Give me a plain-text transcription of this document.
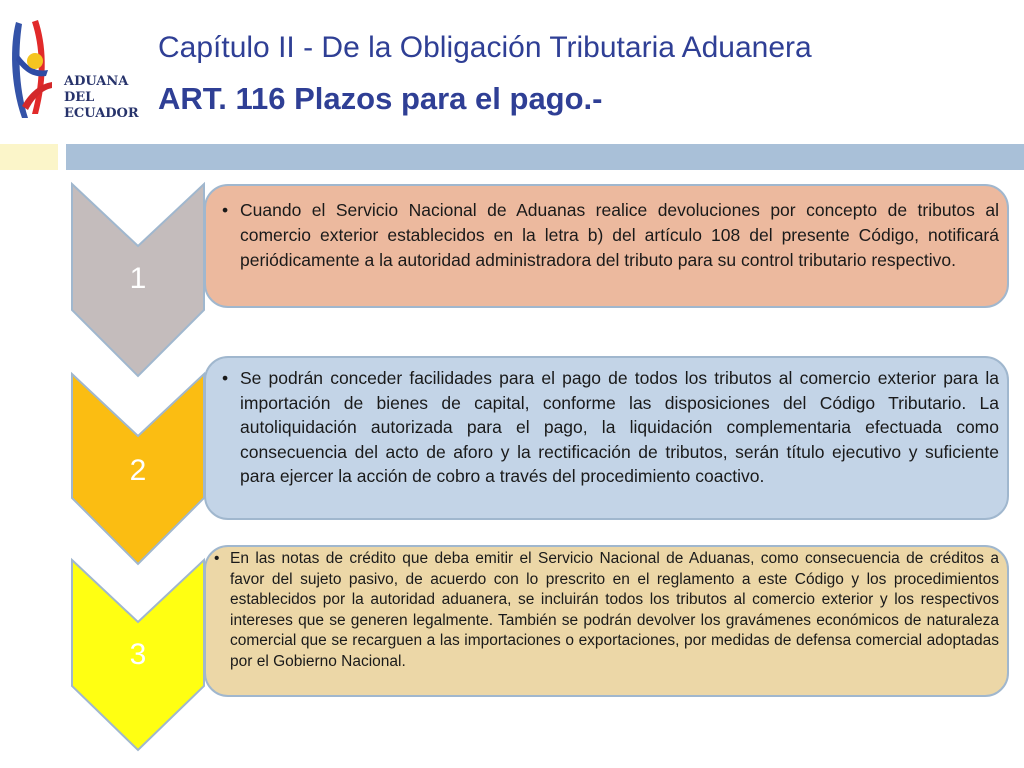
ADUANA
DEL
ECUADOR
Capítulo II - De la Obligación Tributaria Aduanera
ART. 116 Plazos para el pago.-
1
2
3
• Cuando el Servicio Nacional de Aduanas realice devoluciones por concepto de tributos al comercio exterior establecidos en la letra b) del artículo 108 del presente Código, notificará periódicamente a la autoridad administradora del tributo para su control tributario respectivo.
• Se podrán conceder facilidades para el pago de todos los tributos al comercio exterior para la importación de bienes de capital, conforme las disposiciones del Código Tributario. La autoliquidación autorizada para el pago, la liquidación complementaria efectuada como consecuencia del acto de aforo y la rectificación de tributos, serán título ejecutivo y suficiente para ejercer la acción de cobro a través del procedimiento coactivo.
• En las notas de crédito que deba emitir el Servicio Nacional de Aduanas, como consecuencia de créditos a favor del sujeto pasivo, de acuerdo con lo prescrito en el reglamento a este Código y los procedimientos establecidos por la autoridad aduanera, se incluirán todos los tributos al comercio exterior y los respectivos intereses que se generen legalmente. También se podrán devolver los gravámenes económicos de naturaleza comercial que se recarguen a las importaciones o exportaciones, por medidas de defensa comercial adoptadas por el Gobierno Nacional.
